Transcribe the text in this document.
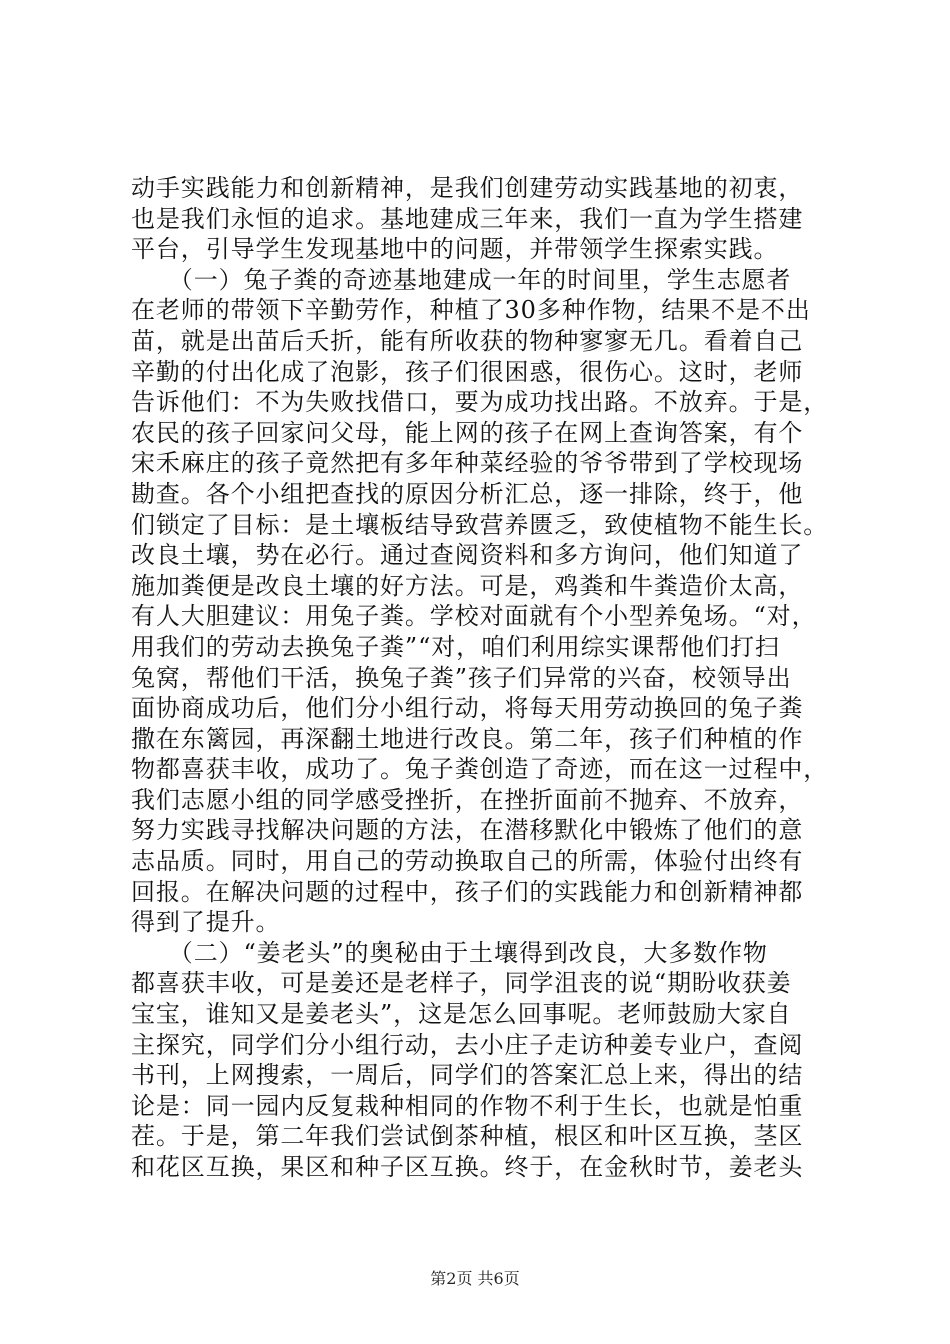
动手实践能力和创新精神，是我们创建劳动实践基地的初衷，
也是我们永恒的追求。基地建成三年来，我们一直为学生搭建
平台，引导学生发现基地中的问题，并带领学生探索实践。
　　（一）兔子粪的奇迹基地建成一年的时间里，学生志愿者
在老师的带领下辛勤劳作，种植了30多种作物，结果不是不出
苗，就是出苗后夭折，能有所收获的物种寥寥无几。看着自己
辛勤的付出化成了泡影，孩子们很困惑，很伤心。这时，老师
告诉他们：不为失败找借口，要为成功找出路。不放弃。于是，
农民的孩子回家问父母，能上网的孩子在网上查询答案，有个
宋禾麻庄的孩子竟然把有多年种菜经验的爷爷带到了学校现场
勘查。各个小组把查找的原因分析汇总，逐一排除，终于，他
们锁定了目标：是土壤板结导致营养匮乏，致使植物不能生长。
改良土壤，势在必行。通过查阅资料和多方询问，他们知道了
施加粪便是改良土壤的好方法。可是，鸡粪和牛粪造价太高，
有人大胆建议：用兔子粪。学校对面就有个小型养兔场。“对，
用我们的劳动去换兔子粪”“对，咱们利用综实课帮他们打扫
兔窝，帮他们干活，换兔子粪”孩子们异常的兴奋，校领导出
面协商成功后，他们分小组行动，将每天用劳动换回的兔子粪
撒在东篱园，再深翻土地进行改良。第二年，孩子们种植的作
物都喜获丰收，成功了。兔子粪创造了奇迹，而在这一过程中，
我们志愿小组的同学感受挫折，在挫折面前不抛弃、不放弃，
努力实践寻找解决问题的方法，在潜移默化中锻炼了他们的意
志品质。同时，用自己的劳动换取自己的所需，体验付出终有
回报。在解决问题的过程中，孩子们的实践能力和创新精神都
得到了提升。
　　（二）“姜老头”的奥秘由于土壤得到改良，大多数作物
都喜获丰收，可是姜还是老样子，同学沮丧的说“期盼收获姜
宝宝，谁知又是姜老头”，这是怎么回事呢。老师鼓励大家自
主探究，同学们分小组行动，去小庄子走访种姜专业户，查阅
书刊，上网搜索，一周后，同学们的答案汇总上来，得出的结
论是：同一园内反复栽种相同的作物不利于生长，也就是怕重
茬。于是，第二年我们尝试倒茶种植，根区和叶区互换，茎区
和花区互换，果区和种子区互换。终于，在金秋时节，姜老头
第2页 共6页
